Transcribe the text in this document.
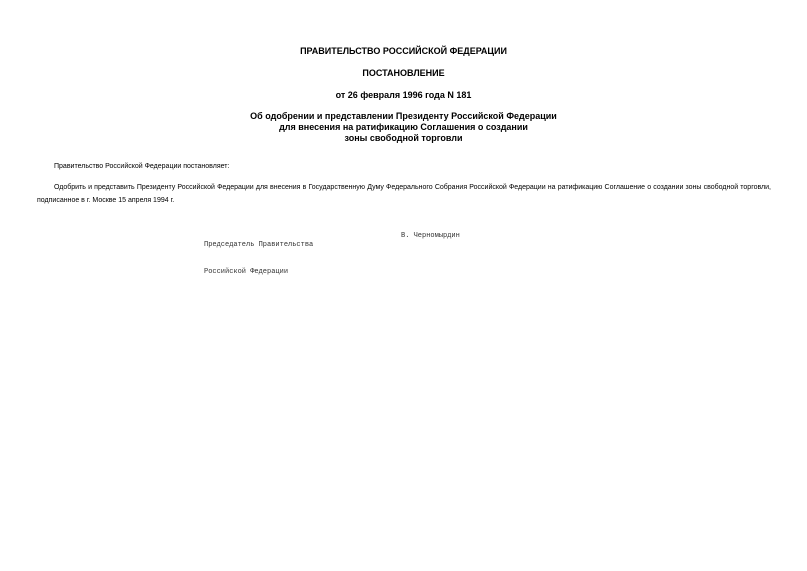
ПРАВИТЕЛЬСТВО РОССИЙСКОЙ ФЕДЕРАЦИИ
ПОСТАНОВЛЕНИЕ
от 26 февраля 1996 года N 181
Об одобрении и представлении Президенту Российской Федерации
для внесения на ратификацию Соглашения о создании
зоны свободной торговли
Правительство Российской Федерации постановляет:
Одобрить и представить Президенту Российской Федерации для внесения в Государственную Думу Федерального Собрания Российской Федерации на ратификацию Соглашение о создании зоны свободной торговли, подписанное в г. Москве 15 апреля 1994 г.

Председатель Правительства

Российской Федерации

В. Черномырдин
